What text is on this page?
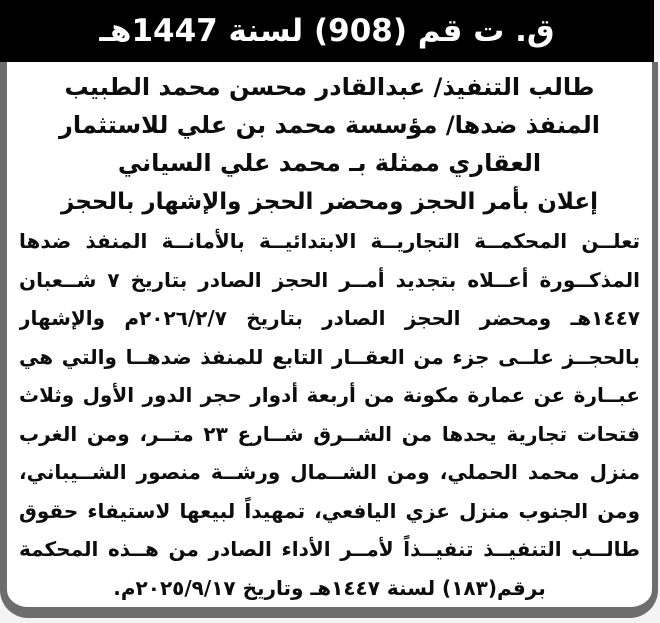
ق. ت قم (908) لسنة 1447هـ
طالب التنفيذ/ عبدالقادر محسن محمد الطبيب
المنفذ ضدها/ مؤسسة محمد بن علي للاستثمار
العقاري ممثلة بـ محمد علي السياني
إعلان بأمر الحجز ومحضر الحجز والإشهار بالحجز
تعلــن المحكمــة التجاريــة الابتدائيــة بالأمانــة المنفذ ضدها
المذكــورة أعــلاه بتجديد أمــر الحجز الصادر بتاريخ ٧ شــعبان
١٤٤٧هـ ومحضر الحجز الصادر بتاريخ ٢٠٢٦/٢/٧م والإشهار
بالحجــز علــى جزء من العقــار التابع للمنفذ ضدهــا والتي هي
عبــارة عن عمارة مكونة من أربعة أدوار حجر الدور الأول وثلاث
فتحات تجارية يحدها من الشــرق شــارع ٢٣ متــر، ومن الغرب
منزل محمد الحملي، ومن الشــمال ورشــة منصور الشــيباني،
ومن الجنوب منزل عزي اليافعي، تمهيداً لبيعها لاستيفاء حقوق
طالــب التنفيــذ تنفيــذاً لأمــر الأداء الصادر من هــذه المحكمة
برقم(١٨٣) لسنة ١٤٤٧هـ وتاريخ ٢٠٢٥/٩/١٧م.
